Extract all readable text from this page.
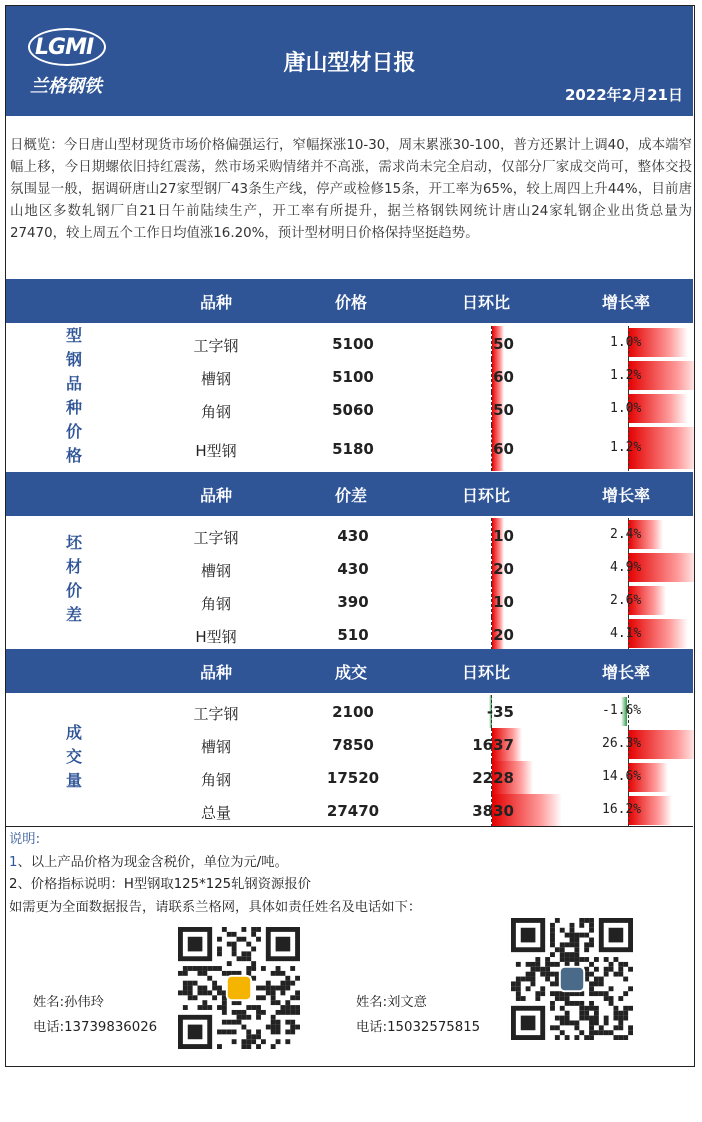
LGMI
兰格钢铁
唐山型材日报
2022年2月21日
日概览：今日唐山型材现货市场价格偏强运行，窄幅探涨10-30，周末累涨30-100，普方还累计上调40，成本端窄幅上移，今日期螺依旧持红震荡，然市场采购情绪并不高涨，需求尚未完全启动，仅部分厂家成交尚可，整体交投氛围显一般，据调研唐山27家型钢厂43条生产线，停产或检修15条，开工率为65%，较上周四上升44%，目前唐山地区多数轧钢厂自21日午前陆续生产，开工率有所提升，据兰格钢铁网统计唐山24家轧钢企业出货总量为27470，较上周五个工作日均值涨16.20%，预计型材明日价格保持坚挺趋势。
品种	价格	日环比	增长率
型
钢
品
种
价
格
工字钢	5100	50	1.0%
槽钢	5100	60	1.2%
角钢	5060	50	1.0%
H型钢	5180	60	1.2%
品种	价差	日环比	增长率
坯
材
价
差
工字钢	430	10	2.4%
槽钢	430	20	4.9%
角钢	390	10	2.6%
H型钢	510	20	4.1%
品种	成交	日环比	增长率
成
交
量
工字钢	2100	-35	-1.6%
槽钢	7850	1637	26.3%
角钢	17520	2228	14.6%
总量	27470	3830	16.2%
说明:
1、以上产品价格为现金含税价，单位为元/吨。
2、价格指标说明：H型钢取125*125轧钢资源报价
如需更为全面数据报告，请联系兰格网，具体如责任姓名及电话如下：
姓名:孙伟玲
电话:13739836026
姓名:刘文意
电话:15032575815
